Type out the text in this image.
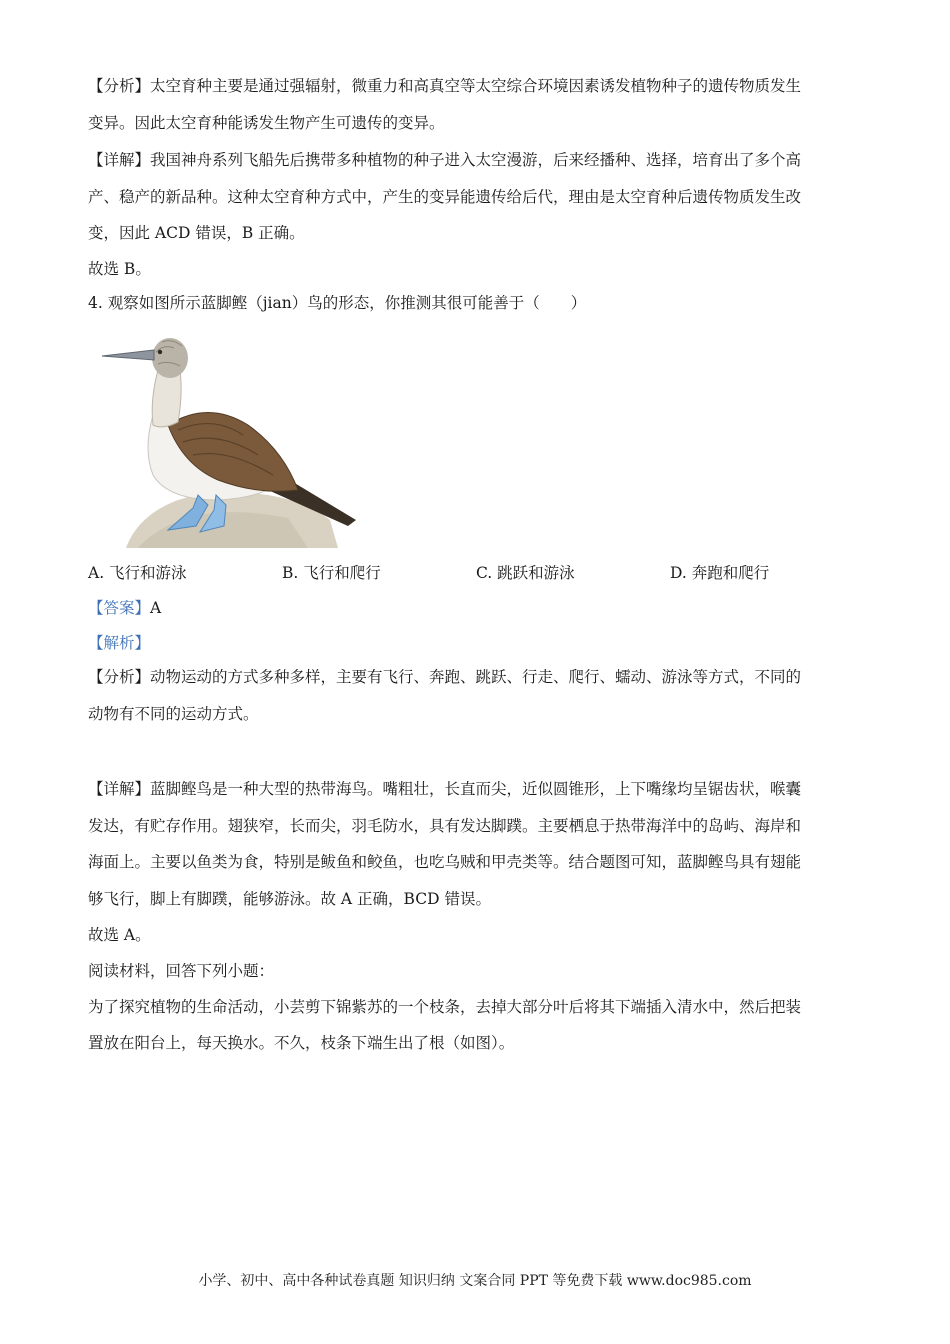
【分析】太空育种主要是通过强辐射，微重力和高真空等太空综合环境因素诱发植物种子的遗传物质发生
变异。因此太空育种能诱发生物产生可遗传的变异。
【详解】我国神舟系列飞船先后携带多种植物的种子进入太空漫游，后来经播种、选择，培育出了多个高
产、稳产的新品种。这种太空育种方式中，产生的变异能遗传给后代，理由是太空育种后遗传物质发生改
变，因此 ACD 错误，B 正确。
故选 B。
4. 观察如图所示蓝脚鲣（jian）鸟的形态，你推测其很可能善于（　　）
A. 飞行和游泳	B. 飞行和爬行	C. 跳跃和游泳	D. 奔跑和爬行
【答案】A
【解析】
【分析】动物运动的方式多种多样，主要有飞行、奔跑、跳跃、行走、爬行、蠕动、游泳等方式，不同的
动物有不同的运动方式。
【详解】蓝脚鲣鸟是一种大型的热带海鸟。嘴粗壮，长直而尖，近似圆锥形，上下嘴缘均呈锯齿状，喉囊
发达，有贮存作用。翅狭窄，长而尖，羽毛防水，具有发达脚蹼。主要栖息于热带海洋中的岛屿、海岸和
海面上。主要以鱼类为食，特别是鲅鱼和鲛鱼，也吃乌贼和甲壳类等。结合题图可知，蓝脚鲣鸟具有翅能
够飞行，脚上有脚蹼，能够游泳。故 A 正确，BCD 错误。
故选 A。
阅读材料，回答下列小题：
为了探究植物的生命活动，小芸剪下锦紫苏的一个枝条，去掉大部分叶后将其下端插入清水中，然后把装
置放在阳台上，每天换水。不久，枝条下端生出了根（如图）。
小学、初中、高中各种试卷真题 知识归纳 文案合同 PPT 等免费下载 www.doc985.com
